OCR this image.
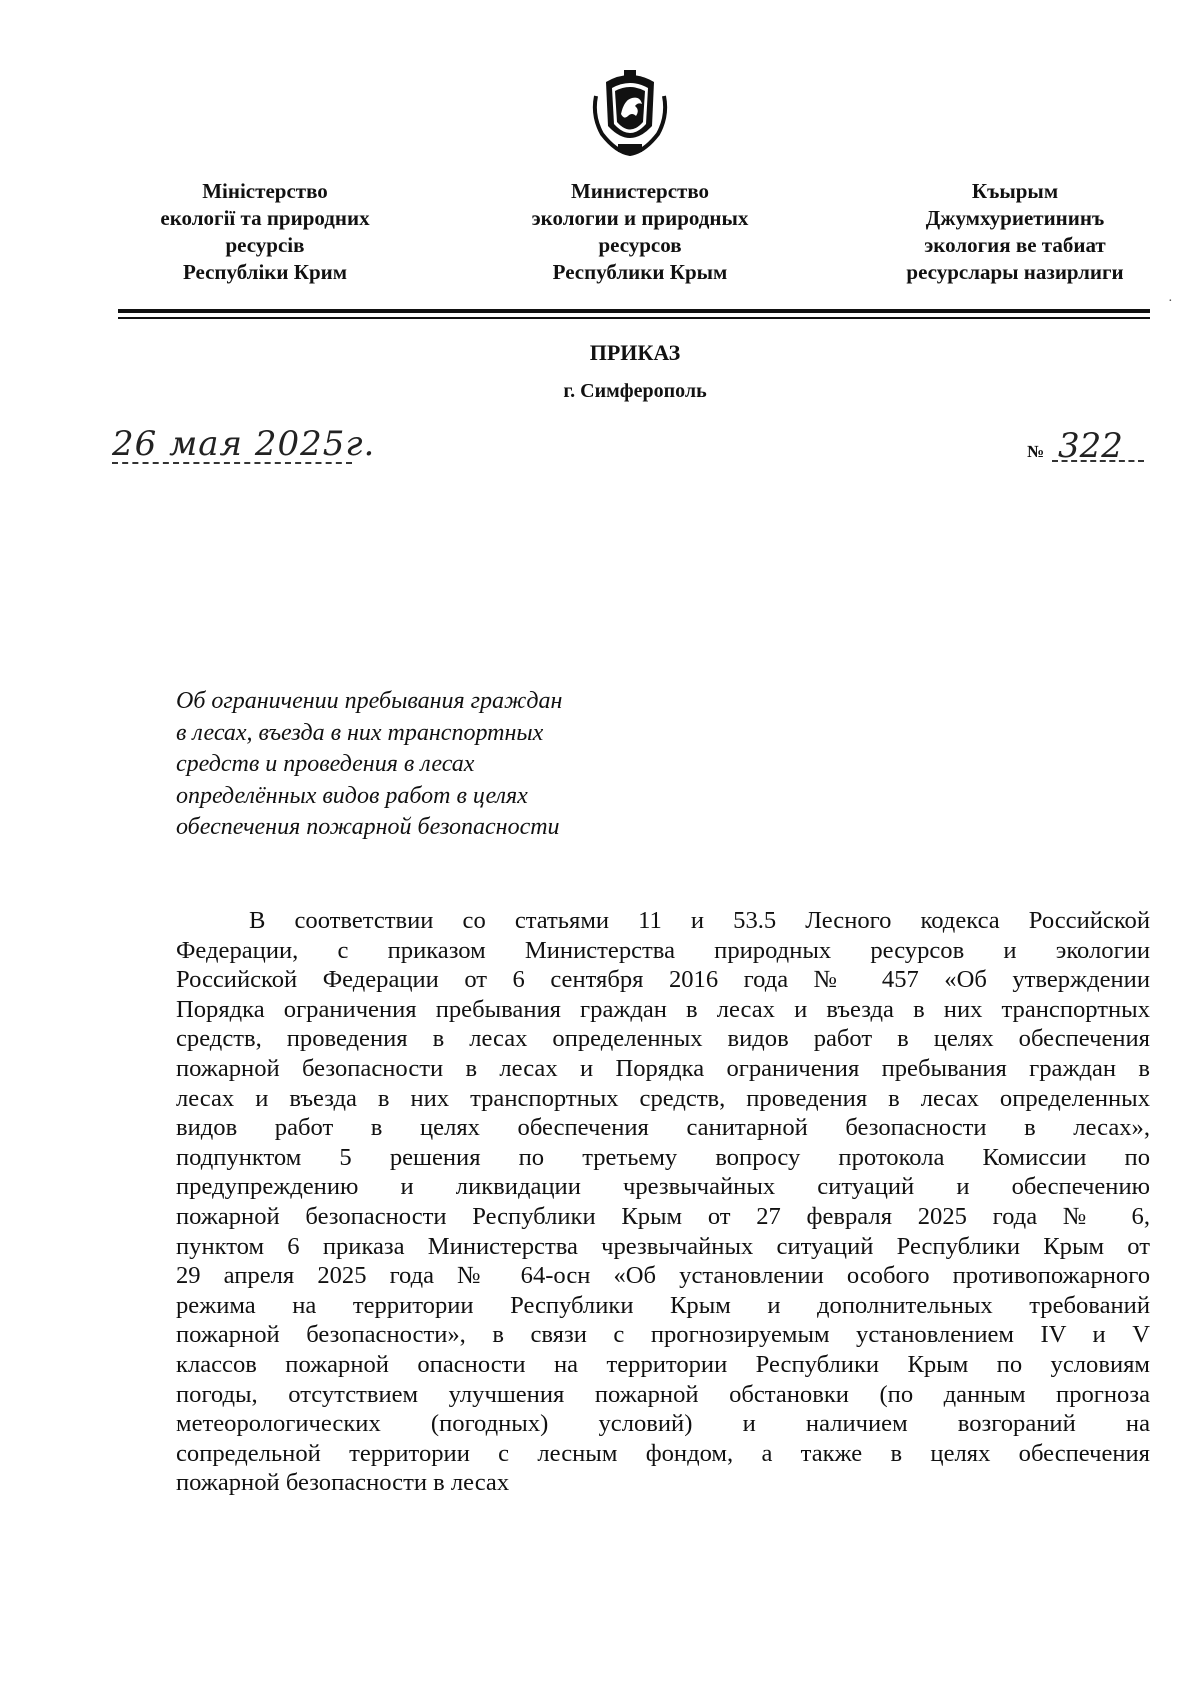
Міністерство
екології та природних
ресурсів
Республіки Крим
Министерство
экологии и природных
ресурсов
Республики Крым
Къырым
Джумхуриетининъ
экология ве табиат
ресурслары назирлиги
·
ПРИКАЗ
г. Симферополь
26 мая 2025г.	№ 322
Об ограничении пребывания граждан
в лесах, въезда в них транспортных
средств и проведения в лесах
определённых видов работ в целях
обеспечения пожарной безопасности
В соответствии со статьями 11 и 53.5 Лесного кодекса Российской
Федерации, с приказом Министерства природных ресурсов и экологии
Российской Федерации от 6 сентября 2016 года № 457 «Об утверждении
Порядка ограничения пребывания граждан в лесах и въезда в них транспортных
средств, проведения в лесах определенных видов работ в целях обеспечения
пожарной безопасности в лесах и Порядка ограничения пребывания граждан в
лесах и въезда в них транспортных средств, проведения в лесах определенных
видов работ в целях обеспечения санитарной безопасности в лесах»,
подпунктом 5 решения по третьему вопросу протокола Комиссии по
предупреждению и ликвидации чрезвычайных ситуаций и обеспечению
пожарной безопасности Республики Крым от 27 февраля 2025 года № 6,
пунктом 6 приказа Министерства чрезвычайных ситуаций Республики Крым от
29 апреля 2025 года № 64-осн «Об установлении особого противопожарного
режима на территории Республики Крым и дополнительных требований
пожарной безопасности», в связи с прогнозируемым установлением IV и V
классов пожарной опасности на территории Республики Крым по условиям
погоды, отсутствием улучшения пожарной обстановки (по данным прогноза
метеорологических (погодных) условий) и наличием возгораний на
сопредельной территории с лесным фондом, а также в целях обеспечения
пожарной безопасности в лесах
